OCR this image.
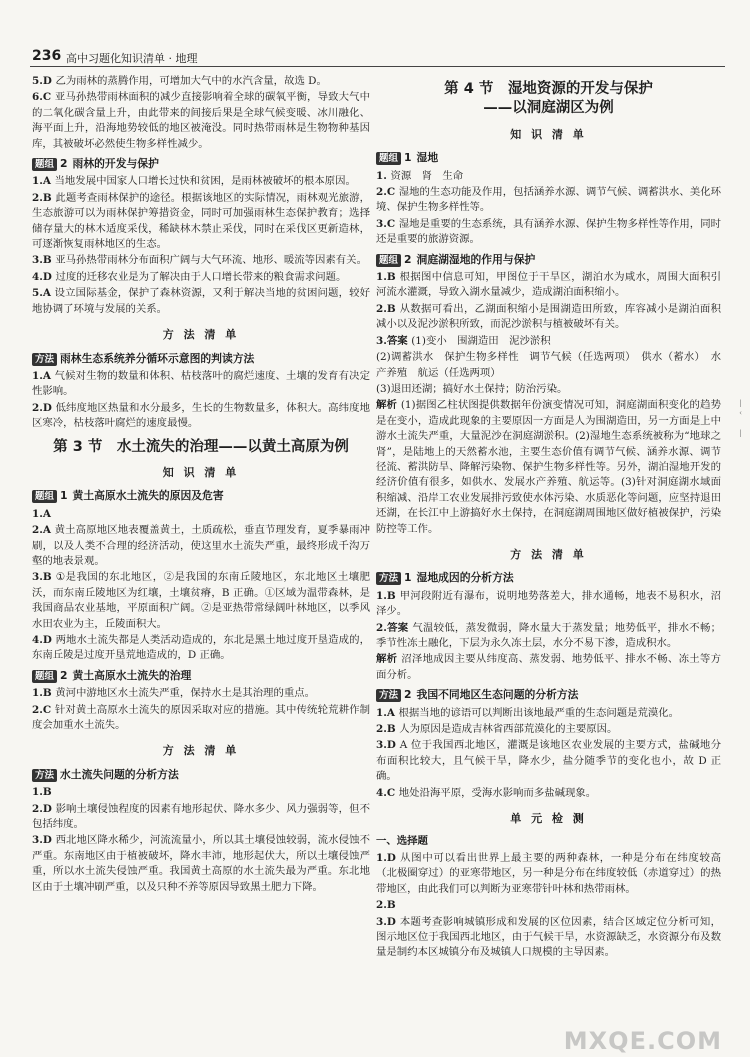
236 高中习题化知识清单 · 地理

5.D 乙为雨林的蒸腾作用，可增加大气中的水汽含量，故选 D。

6.C 亚马孙热带雨林面积的减少直接影响着全球的碳氧平衡，导致大气中的二氧化碳含量上升，由此带来的间接后果是全球气候变暖、冰川融化、海平面上升，沿海地势较低的地区被淹没。同时热带雨林是生物物种基因库，其被破坏必然使生物多样性减少。

题组 2 雨林的开发与保护

1.A 当地发展中国家人口增长过快和贫困，是雨林被破坏的根本原因。

2.B 此题考查雨林保护的途径。根据该地区的实际情况，雨林观光旅游，生态旅游可以为雨林保护筹措资金，同时可加强雨林生态保护教育；选择储存量大的林木适度采伐，稀缺林木禁止采伐，同时在采伐区更新造林，可逐渐恢复雨林地区的生态。

3.B 亚马孙热带雨林分布面积广阔与大气环流、地形、暖流等因素有关。

4.D 过度的迁移农业是为了解决由于人口增长带来的粮食需求问题。

5.A 设立国际基金，保护了森林资源，又利于解决当地的贫困问题，较好地协调了环境与发展的关系。

方 法 清 单
方法 雨林生态系统养分循环示意图的判读方法

1.A 气候对生物的数量和体积、枯枝落叶的腐烂速度、土壤的发育有决定性影响。

2.D 低纬度地区热量和水分最多，生长的生物数量多，体积大。高纬度地区寒冷，枯枝落叶腐烂的速度最慢。

第 3 节　水土流失的治理——以黄土高原为例
知 识 清 单
题组 1 黄土高原水土流失的原因及危害

1.A

2.A 黄土高原地区地表覆盖黄土，土质疏松，垂直节理发育，夏季暴雨冲刷，以及人类不合理的经济活动，使这里水土流失严重，最终形成千沟万壑的地表景观。

3.B ①是我国的东北地区，②是我国的东南丘陵地区，东北地区土壤肥沃，而东南丘陵地区为红壤，土壤贫瘠，B 正确。①区域为温带森林，是我国商品农业基地，平原面积广阔。②是亚热带常绿阔叶林地区，以季风水田农业为主，丘陵面积大。

4.D 两地水土流失都是人类活动造成的，东北是黑土地过度开垦造成的，东南丘陵是过度开垦荒地造成的，D 正确。

题组 2 黄土高原水土流失的治理

1.B 黄河中游地区水土流失严重，保持水土是其治理的重点。

2.C 针对黄土高原水土流失的原因采取对应的措施。其中传统轮荒耕作制度会加重水土流失。

方 法 清 单
方法 水土流失问题的分析方法

1.B

2.D 影响土壤侵蚀程度的因素有地形起伏、降水多少、风力强弱等，但不包括纬度。

3.D 西北地区降水稀少，河流流量小，所以其土壤侵蚀较弱，流水侵蚀不严重。东南地区由于植被破坏，降水丰沛，地形起伏大，所以土壤侵蚀严重，所以水土流失侵蚀严重。我国黄土高原的水土流失最为严重。东北地区由于土壤冲刷严重，以及只种不养等原因导致黑土肥力下降。

第 4 节　湿地资源的开发与保护
——以洞庭湖区为例
知 识 清 单
题组 1 湿地

1. 资源　肾　生命

2.C 湿地的生态功能及作用，包括涵养水源、调节气候、调蓄洪水、美化环境、保护生物多样性等。

3.C 湿地是重要的生态系统，具有涵养水源、保护生物多样性等作用，同时还是重要的旅游资源。

题组 2 洞庭湖湿地的作用与保护

1.B 根据图中信息可知，甲图位于干旱区，湖泊水为咸水，周围大面积引河流水灌溉，导致入湖水量减少，造成湖泊面积缩小。

2.B 从数据可看出，乙湖面积缩小是围湖造田所致，库容减小是湖泊面积减小以及泥沙淤积所致，而泥沙淤积与植被破坏有关。

3.答案 (1)变小　围湖造田　泥沙淤积

(2)调蓄洪水　保护生物多样性　调节气候（任选两项）　供水（蓄水）　水产养殖　航运（任选两项）

(3)退田还湖；搞好水土保持；防治污染。

解析 (1)据图乙柱状图提供数据年份演变情况可知，洞庭湖面积变化的趋势是在变小，造成此现象的主要原因一方面是人为围湖造田，另一方面是上中游水土流失严重，大量泥沙在洞庭湖淤积。(2)湿地生态系统被称为“地球之肾”，是陆地上的天然蓄水池，主要生态价值有调节气候、涵养水源、调节径流、蓄洪防旱、降解污染物、保护生物多样性等。另外，湖泊湿地开发的经济价值有很多，如供水、发展水产养殖、航运等。(3)针对洞庭湖水域面积缩减、沿岸工农业发展排污致使水体污染、水质恶化等问题，应坚持退田还湖，在长江中上游搞好水土保持，在洞庭湖周围地区做好植被保护，污染防控等工作。

方 法 清 单
方法 1 湿地成因的分析方法

1.B 甲河段附近有瀑布，说明地势落差大，排水通畅，地表不易积水，沼泽少。

2.答案 气温较低，蒸发微弱，降水量大于蒸发量；地势低平，排水不畅；季节性冻土融化，下层为永久冻土层，水分不易下渗，造成积水。

解析 沼泽地成因主要从纬度高、蒸发弱、地势低平、排水不畅、冻土等方面分析。

方法 2 我国不同地区生态问题的分析方法

1.A 根据当地的谚语可以判断出该地最严重的生态问题是荒漠化。

2.B 人为原因是造成吉林省西部荒漠化的主要原因。

3.D A 位于我国西北地区，灌溉是该地区农业发展的主要方式，盐碱地分布面积比较大，且气候干旱，降水少，盐分随季节的变化也小，故 D 正确。

4.C 地处沿海平原，受海水影响而多盐碱现象。

单 元 检 测

一、选择题

1.D 从图中可以看出世界上最主要的两种森林，一种是分布在纬度较高（北极圈穿过）的亚寒带地区，另一种是分布在纬度较低（赤道穿过）的热带地区，由此我们可以判断为亚寒带针叶林和热带雨林。

2.B

3.D 本题考查影响城镇形成和发展的区位因素，结合区域定位分析可知，图示地区位于我国西北地区，由于气候干旱，水资源缺乏，水资源分布及数量是制约本区城镇分布及城镇人口规模的主导因素。

|
‹

|
MXQE.COM
